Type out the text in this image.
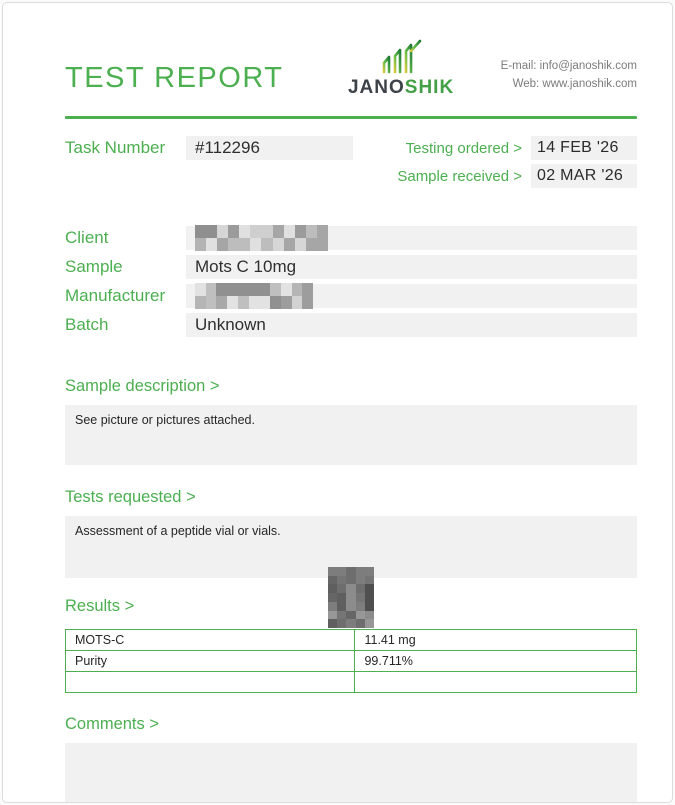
TEST REPORT	JANOSHIK
E-mail: info@janoshik.com
Web: www.janoshik.com
Task Number	#112296	Testing ordered > 14 FEB '26
Sample received > 02 MAR '26
Client
Sample	Mots C 10mg
Manufacturer
Batch	Unknown
Sample description >
See picture or pictures attached.
Tests requested >
Assessment of a peptide vial or vials.
Results >
MOTS-C	11.41 mg
Purity	99.711%

Comments >
